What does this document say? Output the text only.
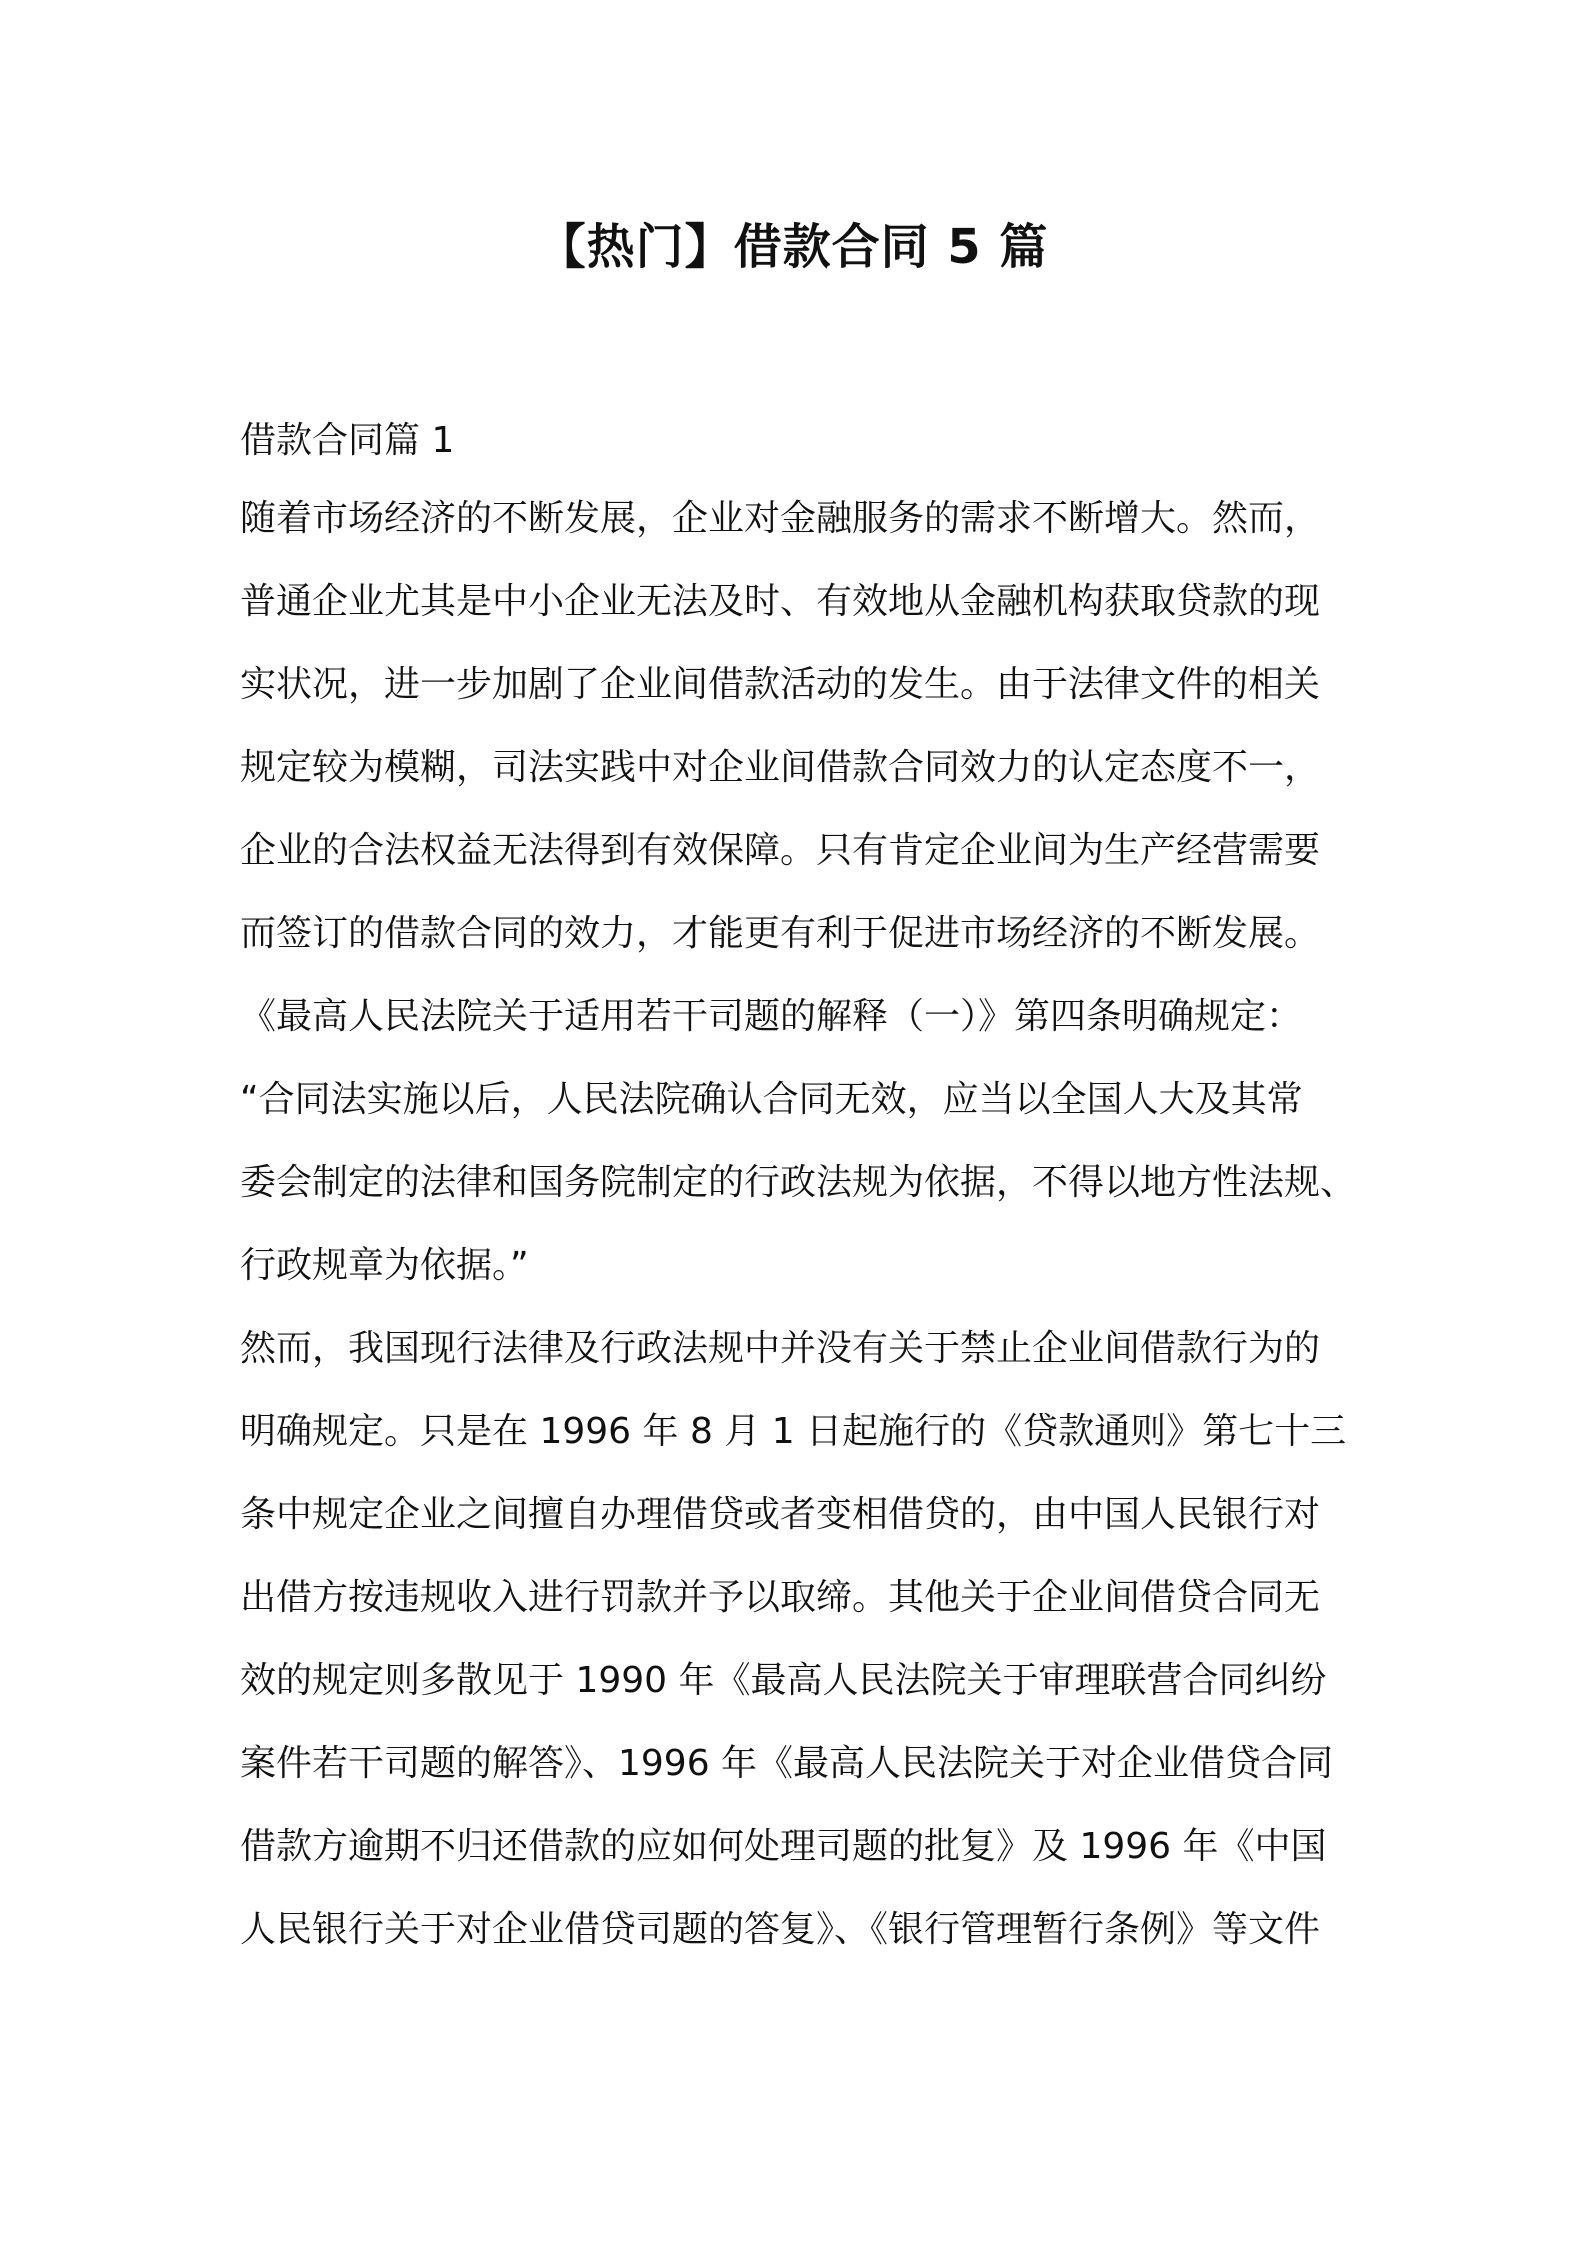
【热门】借款合同 5 篇
借款合同篇 1
随着市场经济的不断发展，企业对金融服务的需求不断增大。然而，
普通企业尤其是中小企业无法及时、有效地从金融机构获取贷款的现
实状况，进一步加剧了企业间借款活动的发生。由于法律文件的相关
规定较为模糊，司法实践中对企业间借款合同效力的认定态度不一，
企业的合法权益无法得到有效保障。只有肯定企业间为生产经营需要
而签订的借款合同的效力，才能更有利于促进市场经济的不断发展。
《最高人民法院关于适用若干司题的解释（一）》第四条明确规定：
“合同法实施以后，人民法院确认合同无效，应当以全国人大及其常
委会制定的法律和国务院制定的行政法规为依据，不得以地方性法规、
行政规章为依据。”
然而，我国现行法律及行政法规中并没有关于禁止企业间借款行为的
明确规定。只是在 1996 年 8 月 1 日起施行的《贷款通则》第七十三
条中规定企业之间擅自办理借贷或者变相借贷的，由中国人民银行对
出借方按违规收入进行罚款并予以取缔。其他关于企业间借贷合同无
效的规定则多散见于 1990 年《最高人民法院关于审理联营合同纠纷
案件若干司题的解答》、1996 年《最高人民法院关于对企业借贷合同
借款方逾期不归还借款的应如何处理司题的批复》及 1996 年《中国
人民银行关于对企业借贷司题的答复》、《银行管理暂行条例》等文件
